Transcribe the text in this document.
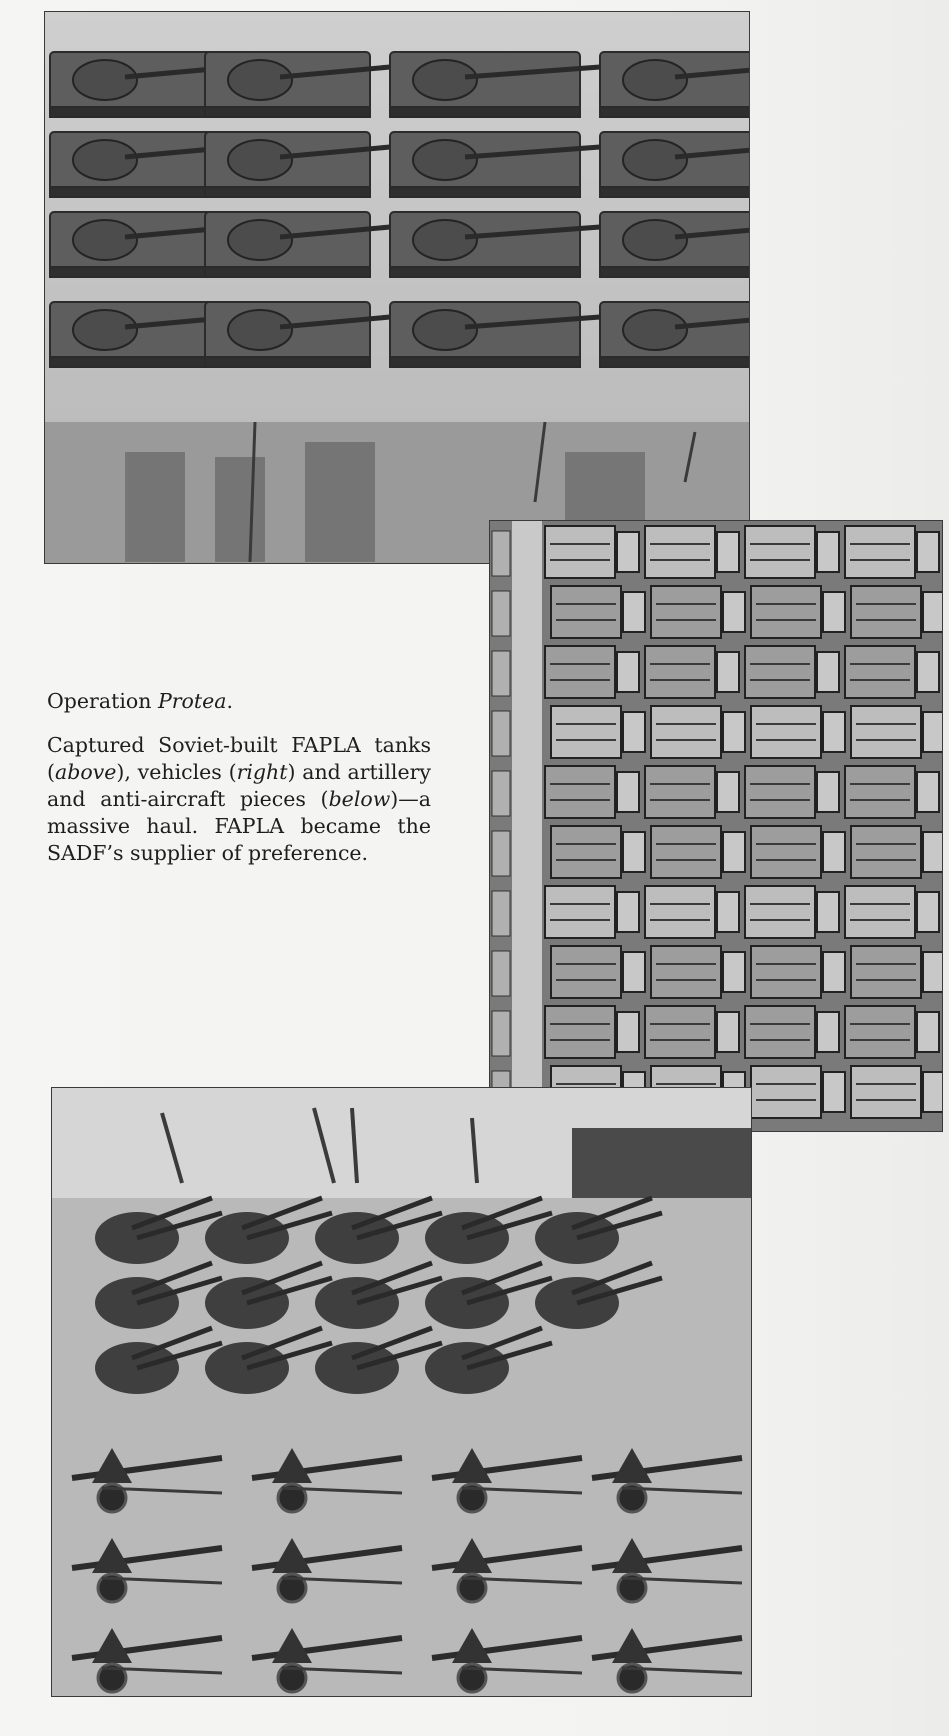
Operation Protea.

Captured Soviet-built FAPLA tanks (above), vehicles (right) and artillery and anti-aircraft pieces (below)—a massive haul. FAPLA became the SADF’s supplier of preference.
